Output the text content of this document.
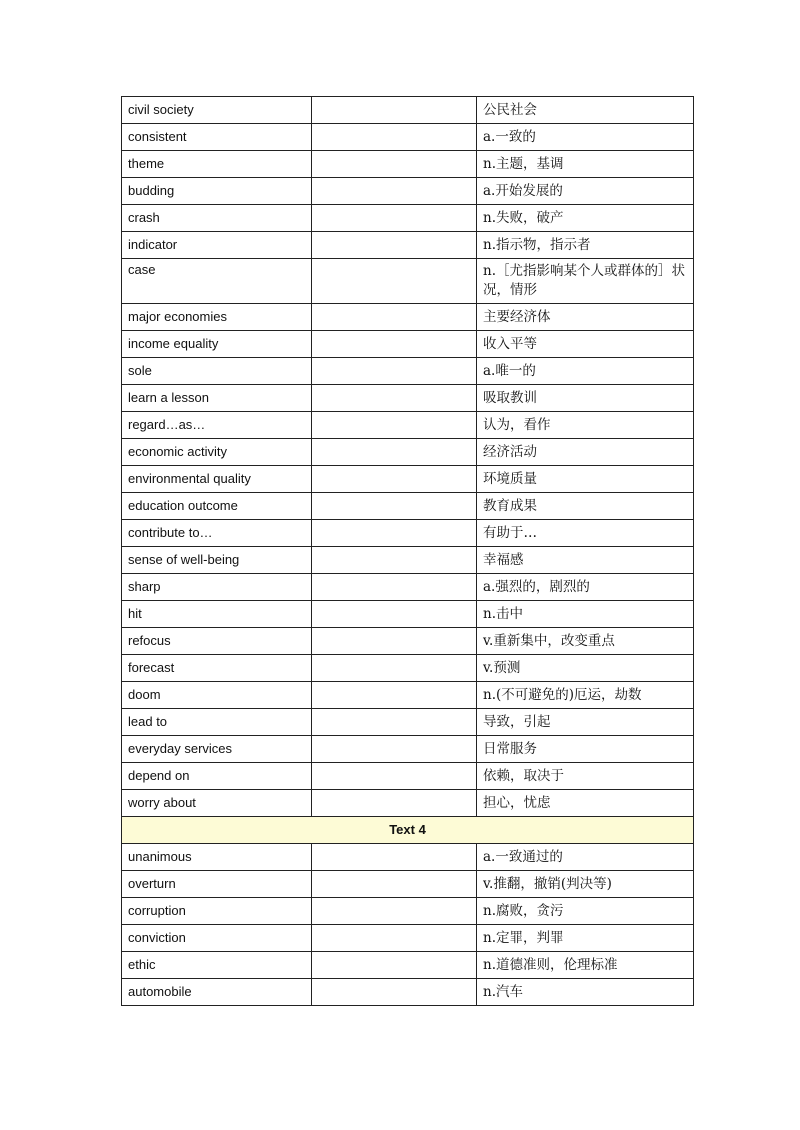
civil society		公民社会
consistent		a.一致的
theme		n.主题，基调
budding		a.开始发展的
crash		n.失败，破产
indicator		n.指示物，指示者
case		n.［尤指影响某个人或群体的］状况，情形
major economies		主要经济体
income equality		收入平等
sole		a.唯一的
learn a lesson		吸取教训
regard…as…		认为，看作
economic activity		经济活动
environmental quality		环境质量
education outcome		教育成果
contribute to…		有助于…
sense of well-being		幸福感
sharp		a.强烈的，剧烈的
hit		n.击中
refocus		v.重新集中，改变重点
forecast		v.预测
doom		n.(不可避免的)厄运，劫数
lead to		导致，引起
everyday services		日常服务
depend on		依赖，取决于
worry about		担心，忧虑
Text 4		
unanimous		a.一致通过的
overturn		v.推翻，撤销(判决等)
corruption		n.腐败，贪污
conviction		n.定罪，判罪
ethic		n.道德准则，伦理标准
automobile		n.汽车
